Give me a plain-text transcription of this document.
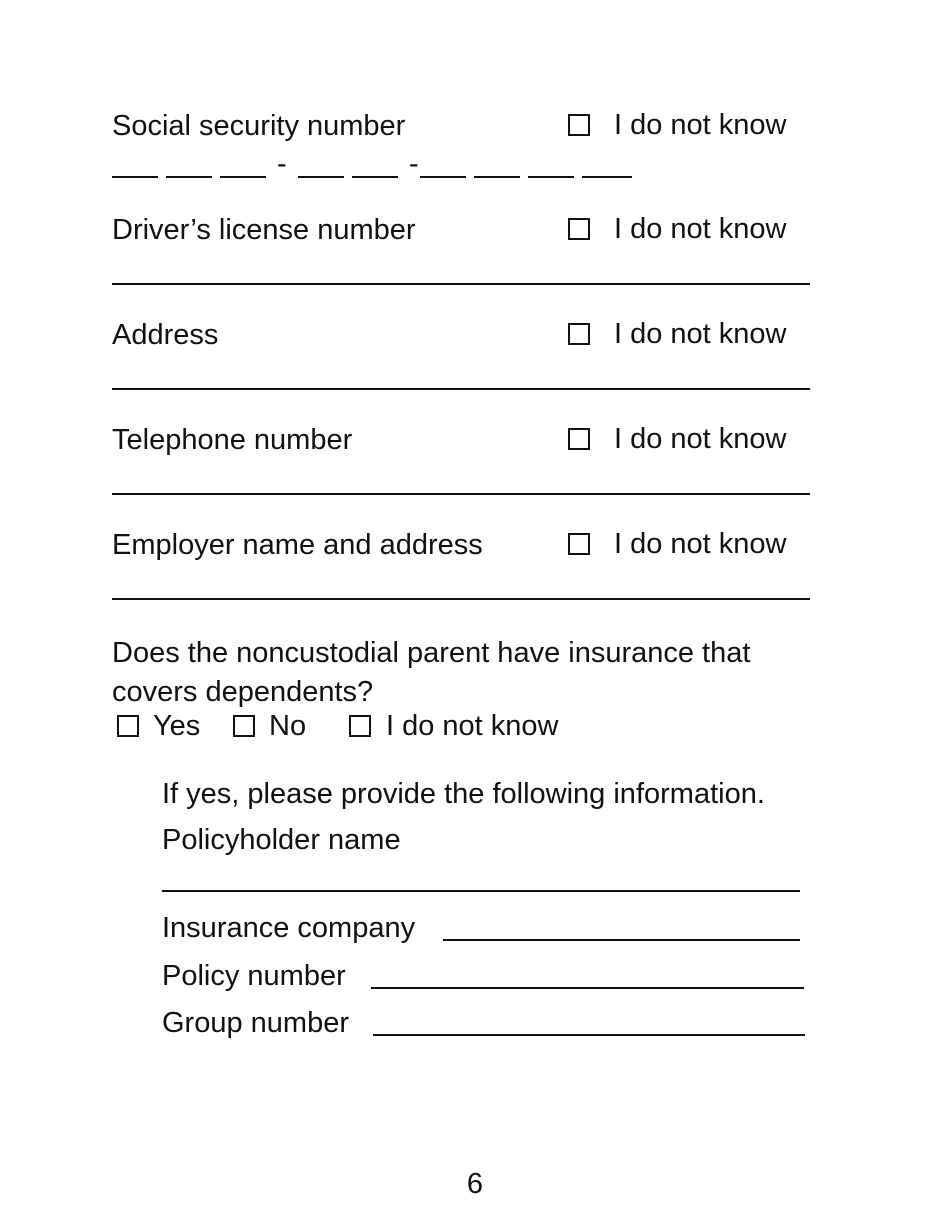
Social security number	I do not know
-	-
Driver’s license number	I do not know
Address	I do not know
Telephone number	I do not know
Employer name and address	I do not know
Does the noncustodial parent have insurance that covers dependents?
Yes No	I do not know
If yes, please provide the following information.
Policyholder name
Insurance company
Policy number
Group number
6
